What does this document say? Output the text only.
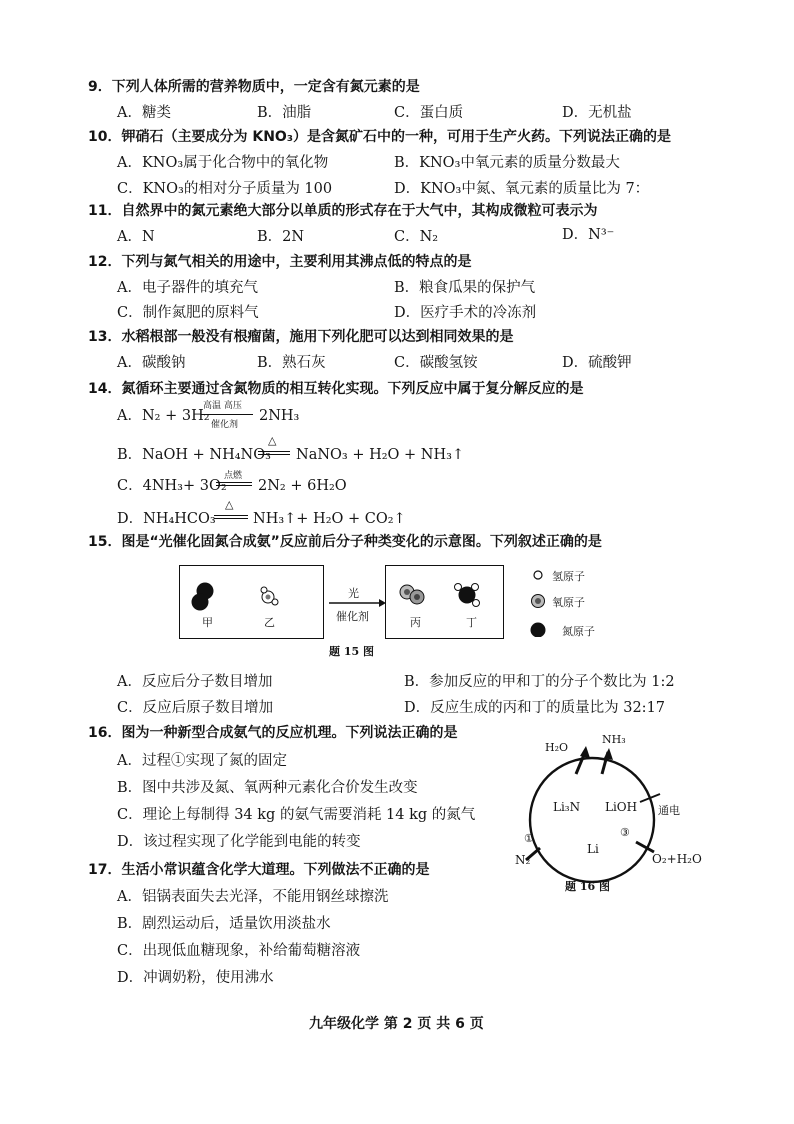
9．下列人体所需的营养物质中，一定含有氮元素的是
A．糖类	B．油脂	C．蛋白质	D．无机盐
10．钾硝石（主要成分为 KNO₃）是含氮矿石中的一种，可用于生产火药。下列说法正确的是
A．KNO₃属于化合物中的氧化物	B．KNO₃中氧元素的质量分数最大
C．KNO₃的相对分子质量为 100	D．KNO₃中氮、氧元素的质量比为 7：
11．自然界中的氮元素绝大部分以单质的形式存在于大气中，其构成微粒可表示为
A．N	B．2N	C．N₂	D．N³⁻
12．下列与氮气相关的用途中，主要利用其沸点低的特点的是
A．电子器件的填充气	B．粮食瓜果的保护气
C．制作氮肥的原料气	D．医疗手术的冷冻剂
13．水稻根部一般没有根瘤菌，施用下列化肥可以达到相同效果的是
A．碳酸钠	B．熟石灰	C．碳酸氢铵	D．硫酸钾
14．氮循环主要通过含氮物质的相互转化实现。下列反应中属于复分解反应的是
A．N₂ + 3H₂
高温 高压
催化剂
2NH₃
B．NaOH + NH₄NO₃
△
NaNO₃ + H₂O + NH₃↑
C．4NH₃+ 3O₂
点燃
2N₂ + 6H₂O
D．NH₄HCO₃
△
NH₃↑+ H₂O + CO₂↑
15．图是“光催化固氮合成氨”反应前后分子种类变化的示意图。下列叙述正确的是
甲	乙	丙	丁
光
催化剂
氢原子
氧原子
氮原子
题 15 图
A．反应后分子数目增加	B．参加反应的甲和丁的分子个数比为 1:2
C．反应后原子数目增加	D．反应生成的丙和丁的质量比为 32:17
16．图为一种新型合成氨气的反应机理。下列说法正确的是
A．过程①实现了氮的固定
B．图中共涉及氮、氧两种元素化合价发生改变
C．理论上每制得 34 kg 的氨气需要消耗 14 kg 的氮气
D．该过程实现了化学能到电能的转变
H₂O
NH₃
Li₃N LiOH
Li
N₂
通电
O₂+H₂O
①	③
题 16 图
17．生活小常识蕴含化学大道理。下列做法不正确的是
A．铝锅表面失去光泽，不能用钢丝球擦洗
B．剧烈运动后，适量饮用淡盐水
C．出现低血糖现象，补给葡萄糖溶液
D．冲调奶粉，使用沸水
九年级化学 第 2 页 共 6 页
